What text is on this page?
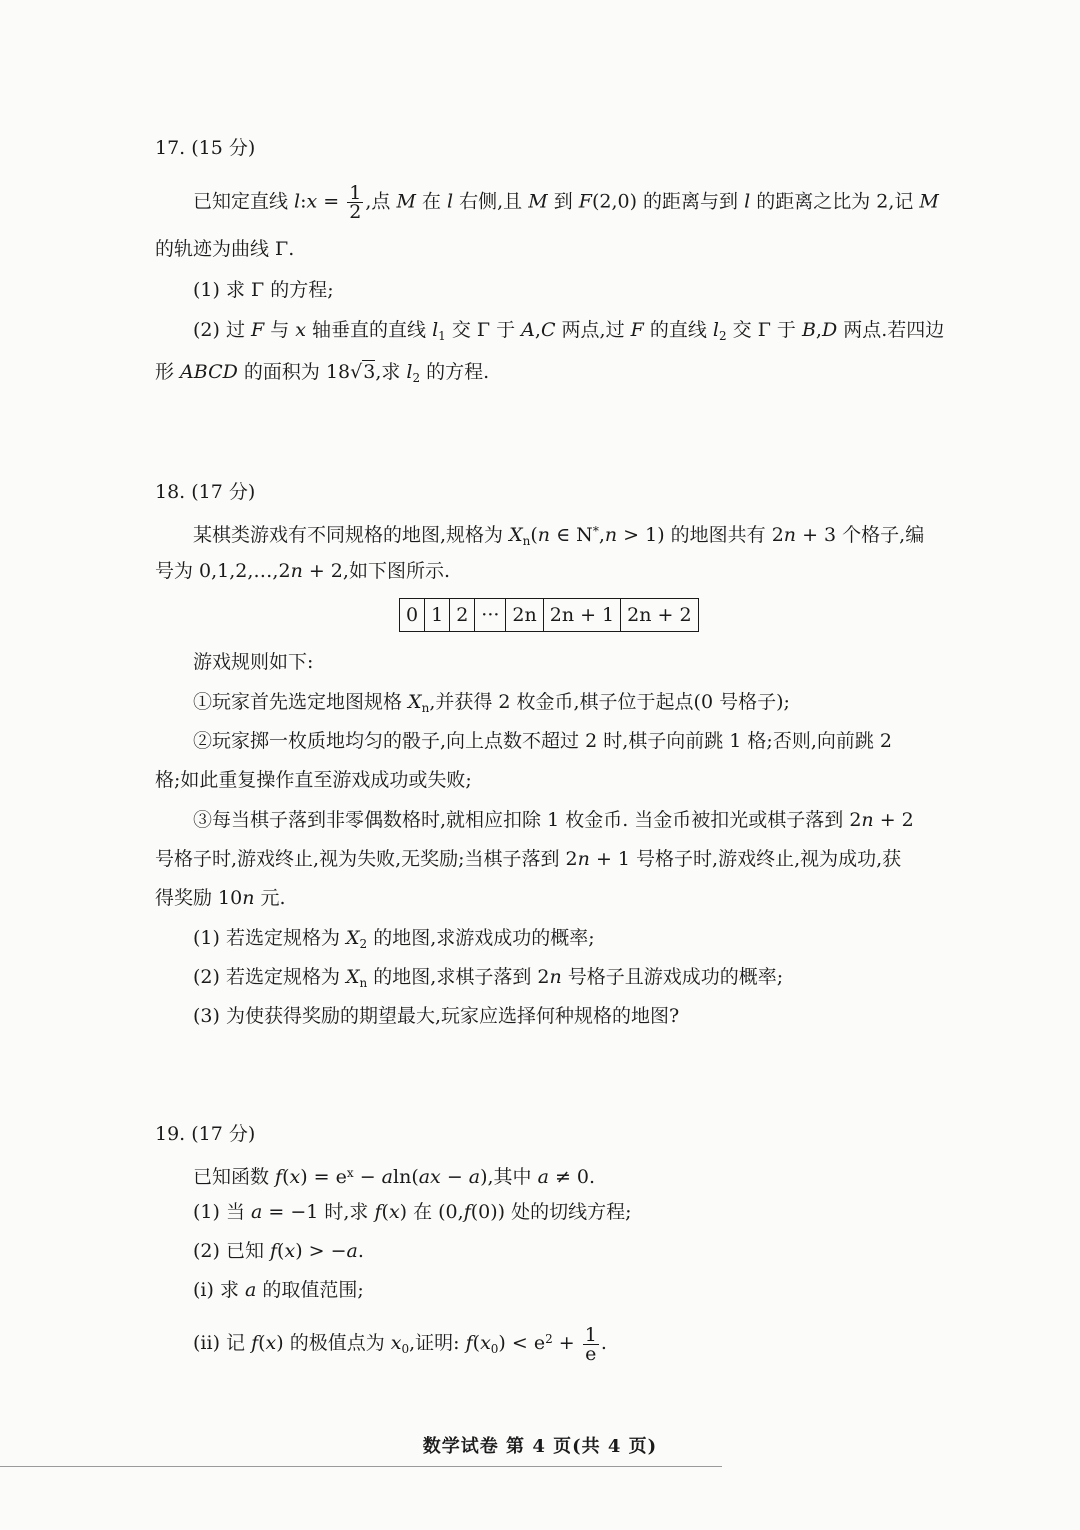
17. (15 分)
已知定直线 l:x = $\frac{1}{2}$ ,点 M 在 l 右侧,且 M 到 F(2,0) 的距离与到 l 的距离之比为 2,记 M
的轨迹为曲线 Γ.
(1) 求 Γ 的方程;
(2) 过 F 与 x 轴垂直的直线 $l_1$ 交 Γ 于 A,C 两点,过 F 的直线 $l_2$ 交 Γ 于 B,D 两点.若四边
形 ABCD 的面积为 18√3,求 $l_2$ 的方程.
18. (17 分)
某棋类游戏有不同规格的地图,规格为 $X_n(n$ ∈ N*,n > 1) 的地图共有 2n + 3 个格子,编
号为 0,1,2,…,2n + 2,如下图所示.
0	1	2	···	2n	2n + 1	2n + 2
游戏规则如下:
①玩家首先选定地图规格 $X_n$,并获得 2 枚金币,棋子位于起点(0 号格子);
②玩家掷一枚质地均匀的骰子,向上点数不超过 2 时,棋子向前跳 1 格;否则,向前跳 2
格;如此重复操作直至游戏成功或失败;
③每当棋子落到非零偶数格时,就相应扣除 1 枚金币. 当金币被扣光或棋子落到 2n + 2
号格子时,游戏终止,视为失败,无奖励;当棋子落到 2n + 1 号格子时,游戏终止,视为成功,获
得奖励 10n 元.
(1) 若选定规格为 $X_2$ 的地图,求游戏成功的概率;
(2) 若选定规格为 $X_n$ 的地图,求棋子落到 2n 号格子且游戏成功的概率;
(3) 为使获得奖励的期望最大,玩家应选择何种规格的地图?
19. (17 分)
已知函数 $f(x) = e^x - aln(ax - a)$,其中 a ≠ 0.
(1) 当 a = −1 时,求 f(x) 在 (0,f(0)) 处的切线方程;
(2) 已知 f(x) > −a.
(i) 求 a 的取值范围;
(ii) 记 f(x) 的极值点为 $x_0$,证明: $f(x_0) < e^2 + \frac{1}{e}$ .
数学试卷 第 4 页(共 4 页)
